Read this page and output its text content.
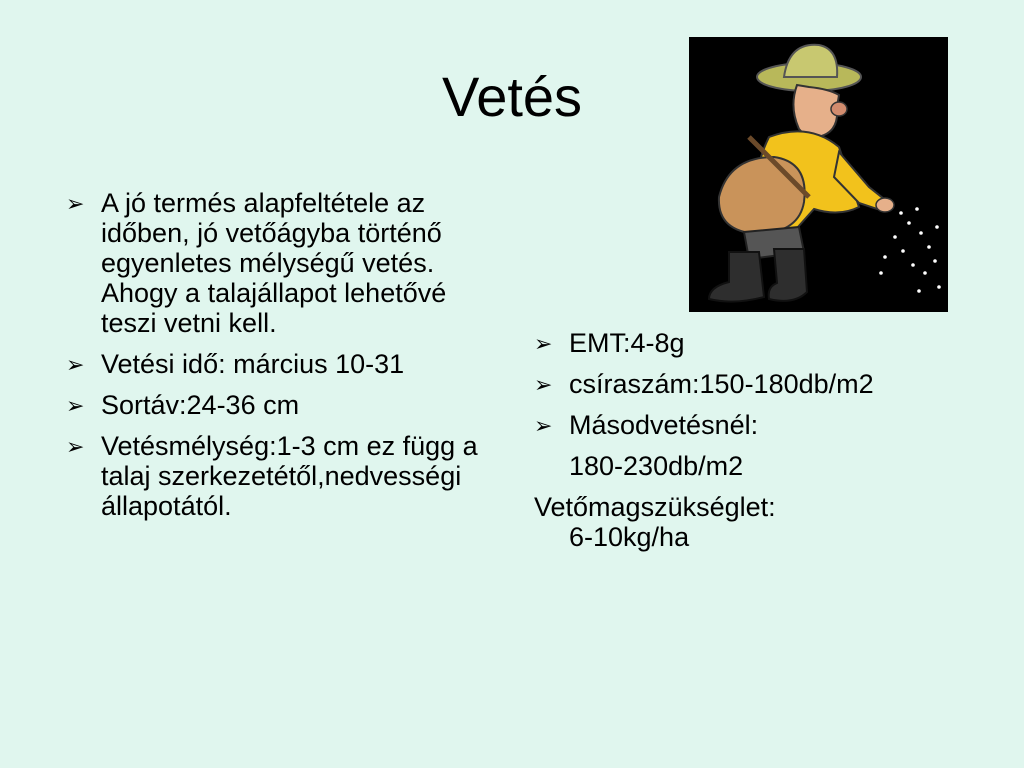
Vetés
➢ A jó termés alapfeltétele az időben, jó vetőágyba történő egyenletes mélységű vetés. Ahogy a talajállapot lehetővé teszi vetni kell.
➢ Vetési idő: március 10-31
➢ Sortáv:24-36 cm
➢ Vetésmélység:1-3 cm ez függ a talaj szerkezetétől,nedvességi állapotától.
➢ EMT:4-8g
➢ csíraszám:150-180db/m2
➢ Másodvetésnél:
180-230db/m2
Vetőmagszükséglet:
6-10kg/ha
